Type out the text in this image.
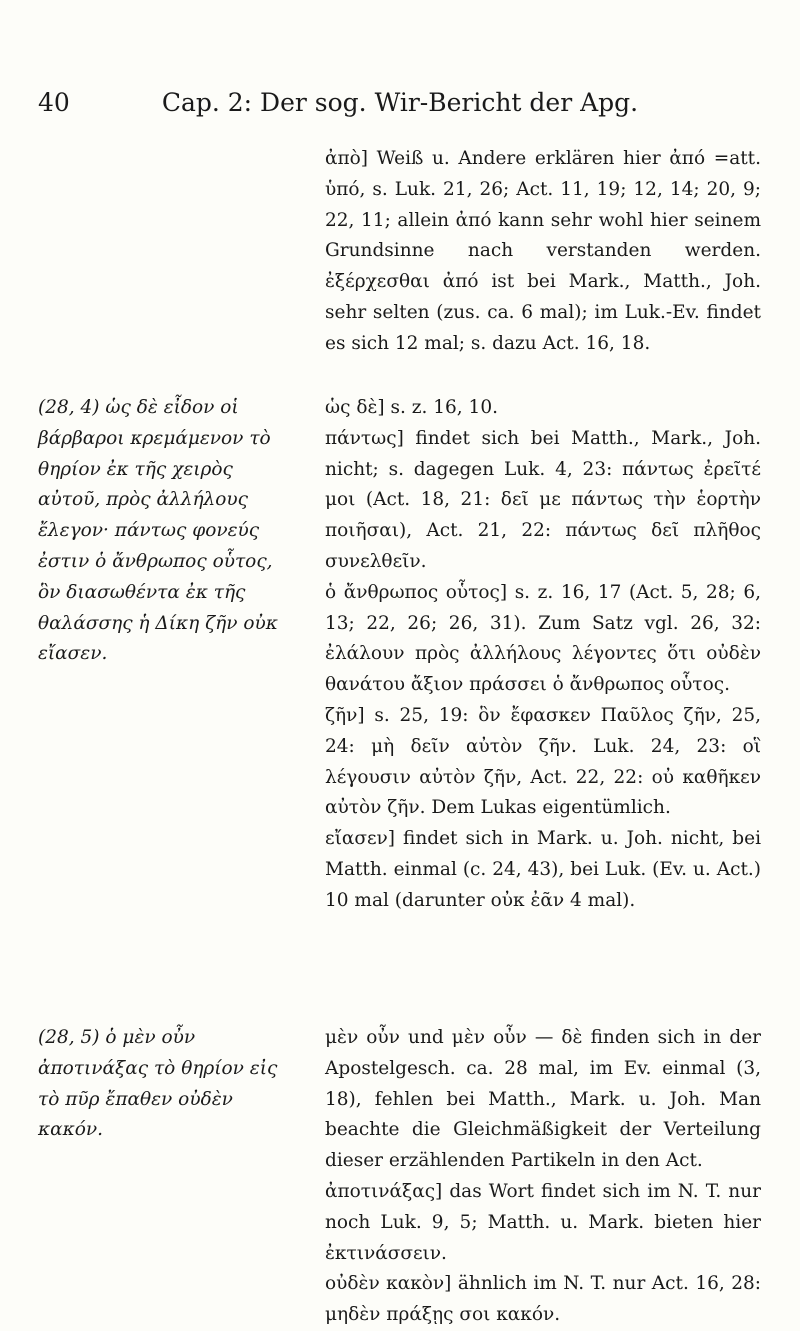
40	Cap. 2: Der sog. Wir-Bericht der Apg.

ἀπὸ] Weiß u. Andere erklären hier ἀπό =att. ὑπό, s. Luk. 21, 26; Act. 11, 19; 12, 14; 20, 9; 22, 11; allein ἀπό kann sehr wohl hier seinem Grundsinne nach verstanden werden. ἐξέρχεσθαι ἀπό ist bei Mark., Matth., Joh. sehr selten (zus. ca. 6 mal); im Luk.-Ev. findet es sich 12 mal; s. dazu Act. 16, 18.

(28, 4) ὡς δὲ εἶδον οἱ βάρβαροι κρεμάμενον τὸ θηρίον ἐκ τῆς χειρὸς αὐτοῦ, πρὸς ἀλλήλους ἔλεγον· πάντως φονεύς ἐστιν ὁ ἄνθρωπος οὗτος, ὃν διασωθέντα ἐκ τῆς θαλάσσης ἡ Δίκη ζῆν οὐκ εἴασεν.

ὡς δὲ] s. z. 16, 10.

πάντως] findet sich bei Matth., Mark., Joh. nicht; s. dagegen Luk. 4, 23: πάντως ἐρεῖτέ μοι (Act. 18, 21: δεῖ με πάντως τὴν ἑορτὴν ποιῆσαι), Act. 21, 22: πάντως δεῖ πλῆθος συνελθεῖν.

ὁ ἄνθρωπος οὗτος] s. z. 16, 17 (Act. 5, 28; 6, 13; 22, 26; 26, 31). Zum Satz vgl. 26, 32: ἐλάλουν πρὸς ἀλλήλους λέγοντες ὅτι οὐδὲν θανάτου ἄξιον πράσσει ὁ ἄνθρωπος οὗτος.

ζῆν] s. 25, 19: ὃν ἔφασκεν Παῦλος ζῆν, 25, 24: μὴ δεῖν αὐτὸν ζῆν. Luk. 24, 23: οἳ λέγουσιν αὐτὸν ζῆν, Act. 22, 22: οὐ καθῆκεν αὐτὸν ζῆν. Dem Lukas eigentümlich.

εἴασεν] findet sich in Mark. u. Joh. nicht, bei Matth. einmal (c. 24, 43), bei Luk. (Ev. u. Act.) 10 mal (darunter οὐκ ἐᾶν 4 mal).

(28, 5) ὁ μὲν οὖν ἀποτινάξας τὸ θηρίον εἰς τὸ πῦρ ἔπαθεν οὐδὲν κακόν.

μὲν οὖν und μὲν οὖν — δὲ finden sich in der Apostelgesch. ca. 28 mal, im Ev. einmal (3, 18), fehlen bei Matth., Mark. u. Joh. Man beachte die Gleichmäßigkeit der Verteilung dieser erzählenden Partikeln in den Act.

ἀποτινάξας] das Wort findet sich im N. T. nur noch Luk. 9, 5; Matth. u. Mark. bieten hier ἐκτινάσσειν.

οὐδὲν κακὸν] ähnlich im N. T. nur Act. 16, 28: μηδὲν πράξῃς σοι κακόν.
